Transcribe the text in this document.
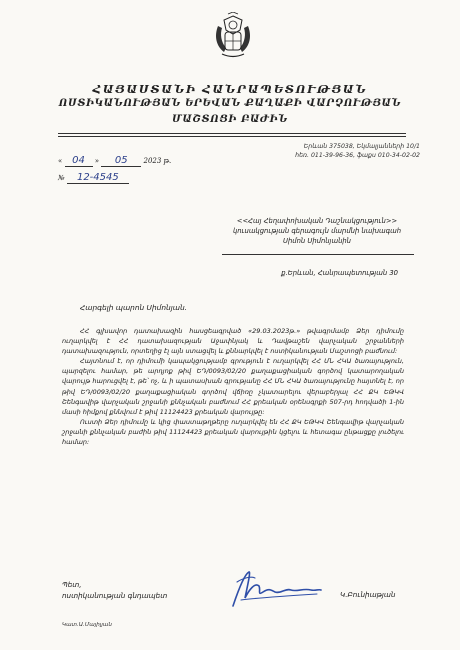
ՀԱՅԱՍՏԱՆԻ ՀԱՆՐԱՊԵՏՈՒԹՅԱՆ
ՈՍՏԻԿԱՆՈՒԹՅԱՆ ԵՐԵՎԱՆ ՔԱՂԱՔԻ ՎԱՐՉՈՒԹՅԱՆ
ՄԱՇՏՈՑԻ ԲԱԺԻՆ
Երևան 375038, Եկմալյանների 10/1
հեռ. 011-39-96-36, ֆաքս 010-34-02-02
« 04 » 05 2023 թ.
№ 12-4545
<<Հայ Հեղափոխական Դաշնակցություն>>
կուսակցության գերագույն մարմնի նախագահ
Սիմոն Սիմոնյանին
ք.Երևան, Հանրապետության 30
Հարգելի պարոն Սիմոնյան.

ՀՀ գլխավոր դատախազին հասցեագրված «29.03.2023թ.» թվագրմամբ Ձեր դիմումը ուղարկվել է ՀՀ դատախազության Աջափնյակ և Դավթաշեն վարչական շրջանների դատախազություն, որտեղից էլ այն ստացվել և քննարկվել է ոստիկանության Մաշտոցի բաժնում:

Հայտնում է, որ դիմումի կապակցությամբ գրություն է ուղարկվել ՀՀ ՄՆ ՀԿԱ ծառայություն, պարզելու համար, թե արդյոք թիվ ԵԴ/0093/02/20 քաղաքացիական գործով կատարողական վարույթ հարուցվել է, թե՝ ոչ, և ի պատասխան գրությանը ՀՀ ՄՆ ՀԿԱ ծառայությունը հայտնել է, որ թիվ ԵԴ/0093/02/20 քաղաքացիական գործով վճիռը չկատարելու վերաբերյալ ՀՀ ՔԿ ԵԹԿՎ Շենգավիթ վարչական շրջանի քննչական բաժնում ՀՀ քրեական օրենսգրքի 507-րդ հոդվածի 1-ին մասի հիմքով քննվում է թիվ 11124423 քրեական վարույթը:

Ուստի Ձեր դիմումը և կից փաստաթղթերը ուղարկվել են ՀՀ ՔԿ ԵԹԿՎ Շենգավիթ վարչական շրջանի քննչական բաժին թիվ 11124423 քրեական վարույթին կցելու և հետագա ընթացքը լուծելու համար:

Պետ,
ոստիկանության գնդապետ	Կ.Բունիաթյան
Կատ.Ա.Մայիլյան
